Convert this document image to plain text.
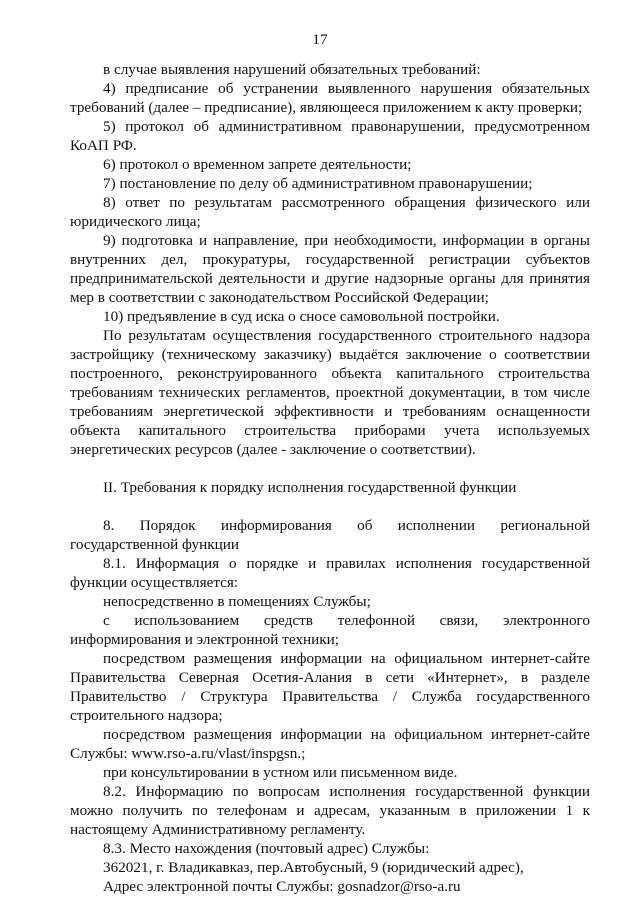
17

в случае выявления нарушений обязательных требований:

4) предписание об устранении выявленного нарушения обязательных требований (далее – предписание), являющееся приложением к акту проверки;

5) протокол об административном правонарушении, предусмотренном КоАП РФ.

6) протокол о временном запрете деятельности;

7) постановление по делу об административном правонарушении;

8) ответ по результатам рассмотренного обращения физического или юридического лица;

9) подготовка и направление, при необходимости, информации в органы внутренних дел, прокуратуры, государственной регистрации субъектов предпринимательской деятельности и другие надзорные органы для принятия мер в соответствии с законодательством Российской Федерации;

10) предъявление в суд иска о сносе самовольной постройки.

По результатам осуществления государственного строительного надзора застройщику (техническому заказчику) выдаётся заключение о соответствии построенного, реконструированного объекта капитального строительства требованиям технических регламентов, проектной документации, в том числе требованиям энергетической эффективности и требованиям оснащенности объекта капитального строительства приборами учета используемых энергетических ресурсов (далее - заключение о соответствии).

II. Требования к порядку исполнения государственной функции

8. Порядок информирования об исполнении региональной государственной функции

8.1. Информация о порядке и правилах исполнения государственной функции осуществляется:

непосредственно в помещениях Службы;

с использованием средств телефонной связи, электронного информирования и электронной техники;

посредством размещения информации на официальном интернет-сайте Правительства Северная Осетия-Алания в сети «Интернет», в разделе Правительство / Структура Правительства / Служба государственного строительного надзора;

посредством размещения информации на официальном интернет-сайте Службы: www.rso-a.ru/vlast/inspgsn.;

при консультировании в устном или письменном виде.

8.2. Информацию по вопросам исполнения государственной функции можно получить по телефонам и адресам, указанным в приложении 1 к настоящему Административному регламенту.

8.3. Место нахождения (почтовый адрес) Службы:

362021, г. Владикавказ, пер.Автобусный, 9 (юридический адрес),

Адрес электронной почты Службы: gosnadzor@rso-a.ru
